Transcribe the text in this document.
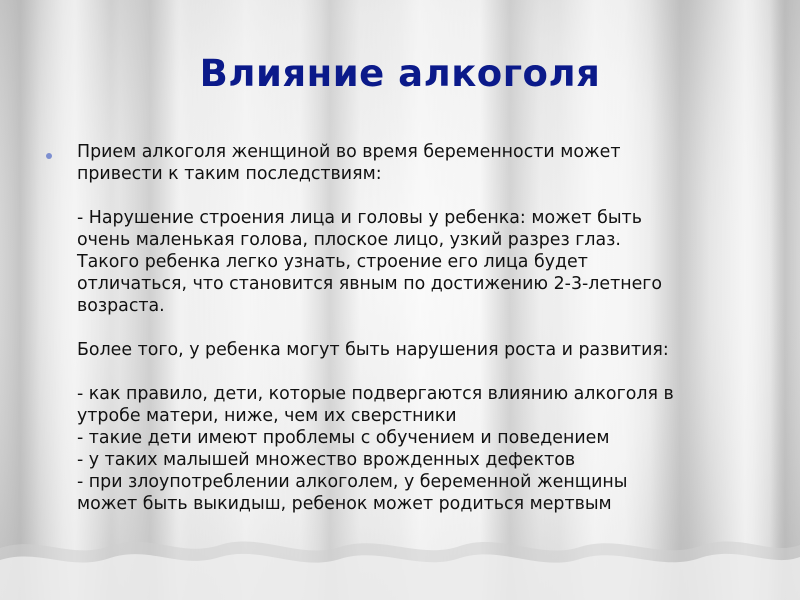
Влияние алкоголя

Прием алкоголя женщиной во время беременности может

привести к таким последствиям:

- Нарушение строения лица и головы у ребенка: может быть

очень маленькая голова, плоское лицо, узкий разрез глаз.

Такого ребенка легко узнать, строение его лица будет

отличаться, что становится явным по достижению 2-3-летнего

возраста.

Более того, у ребенка могут быть нарушения роста и развития:

- как правило, дети, которые подвергаются влиянию алкоголя в

утробе матери, ниже, чем их сверстники

- такие дети имеют проблемы с обучением и поведением

- у таких малышей множество врожденных дефектов

- при злоупотреблении алкоголем, у беременной женщины

может быть выкидыш, ребенок может родиться мертвым
